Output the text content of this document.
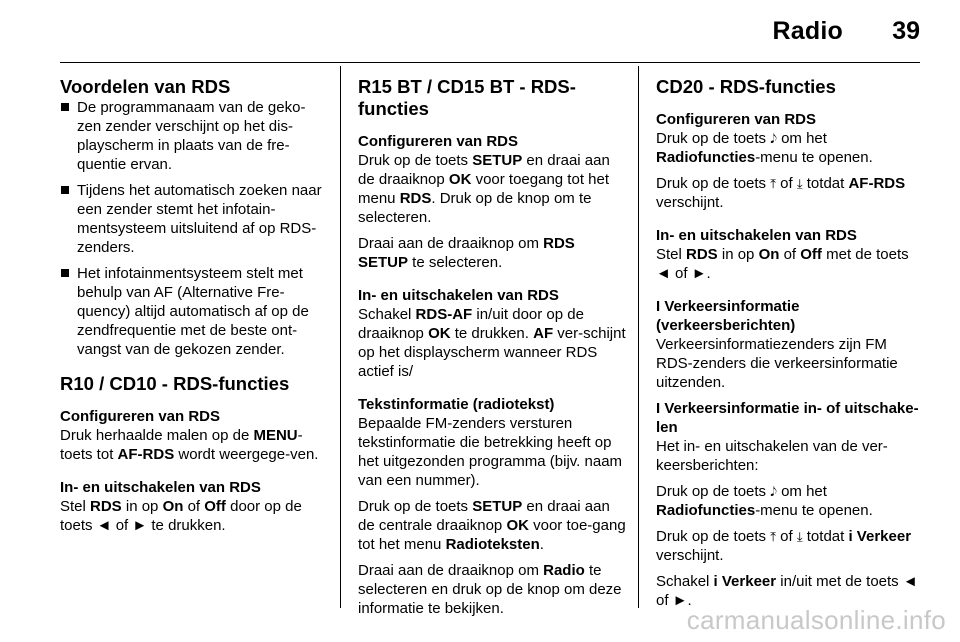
Radio 39
Voordelen van RDS
De programmanaam van de geko-zen zender verschijnt op het dis-playscherm in plaats van de fre-quentie ervan.
Tijdens het automatisch zoeken naar een zender stemt het infotain-mentsysteem uitsluitend af op RDS-zenders.
Het infotainmentsysteem stelt met behulp van AF (Alternative Fre-quency) altijd automatisch af op de zendfrequentie met de beste ont-vangst van de gekozen zender.
R10 / CD10 - RDS-functies
Configureren van RDS

Druk herhaalde malen op de MENU-toets tot AF-RDS wordt weergege-ven.

In- en uitschakelen van RDS

Stel RDS in op On of Off door op de toets ◄ of ► te drukken.

R15 BT / CD15 BT - RDS-functies
Configureren van RDS

Druk op de toets SETUP en draai aan de draaiknop OK voor toegang tot het menu RDS. Druk op de knop om te selecteren.

Draai aan de draaiknop om RDS SETUP te selecteren.

In- en uitschakelen van RDS

Schakel RDS-AF in/uit door op de draaiknop OK te drukken. AF ver-schijnt op het displayscherm wanneer RDS actief is/

Tekstinformatie (radiotekst)

Bepaalde FM-zenders versturen tekstinformatie die betrekking heeft op het uitgezonden programma (bijv. naam van een nummer).

Druk op de toets SETUP en draai aan de centrale draaiknop OK voor toe-gang tot het menu Radioteksten.

Draai aan de draaiknop om Radio te selecteren en druk op de knop om deze informatie te bekijken.

CD20 - RDS-functies
Configureren van RDS

Druk op de toets 𝅘𝅥𝅮 om het Radiofuncties-menu te openen.

Druk op de toets ⤒ of ⤓ totdat AF-RDS verschijnt.

In- en uitschakelen van RDS

Stel RDS in op On of Off met de toets ◄ of ►.

I Verkeersinformatie (verkeersberichten)

Verkeersinformatiezenders zijn FM RDS-zenders die verkeersinformatie uitzenden.

I Verkeersinformatie in- of uitschake-len

Het in- en uitschakelen van de ver-keersberichten:

Druk op de toets 𝅘𝅥𝅮 om het Radiofuncties-menu te openen.

Druk op de toets ⤒ of ⤓ totdat i Verkeer verschijnt.

Schakel i Verkeer in/uit met de toets ◄ of ►.

carmanualsonline.info
